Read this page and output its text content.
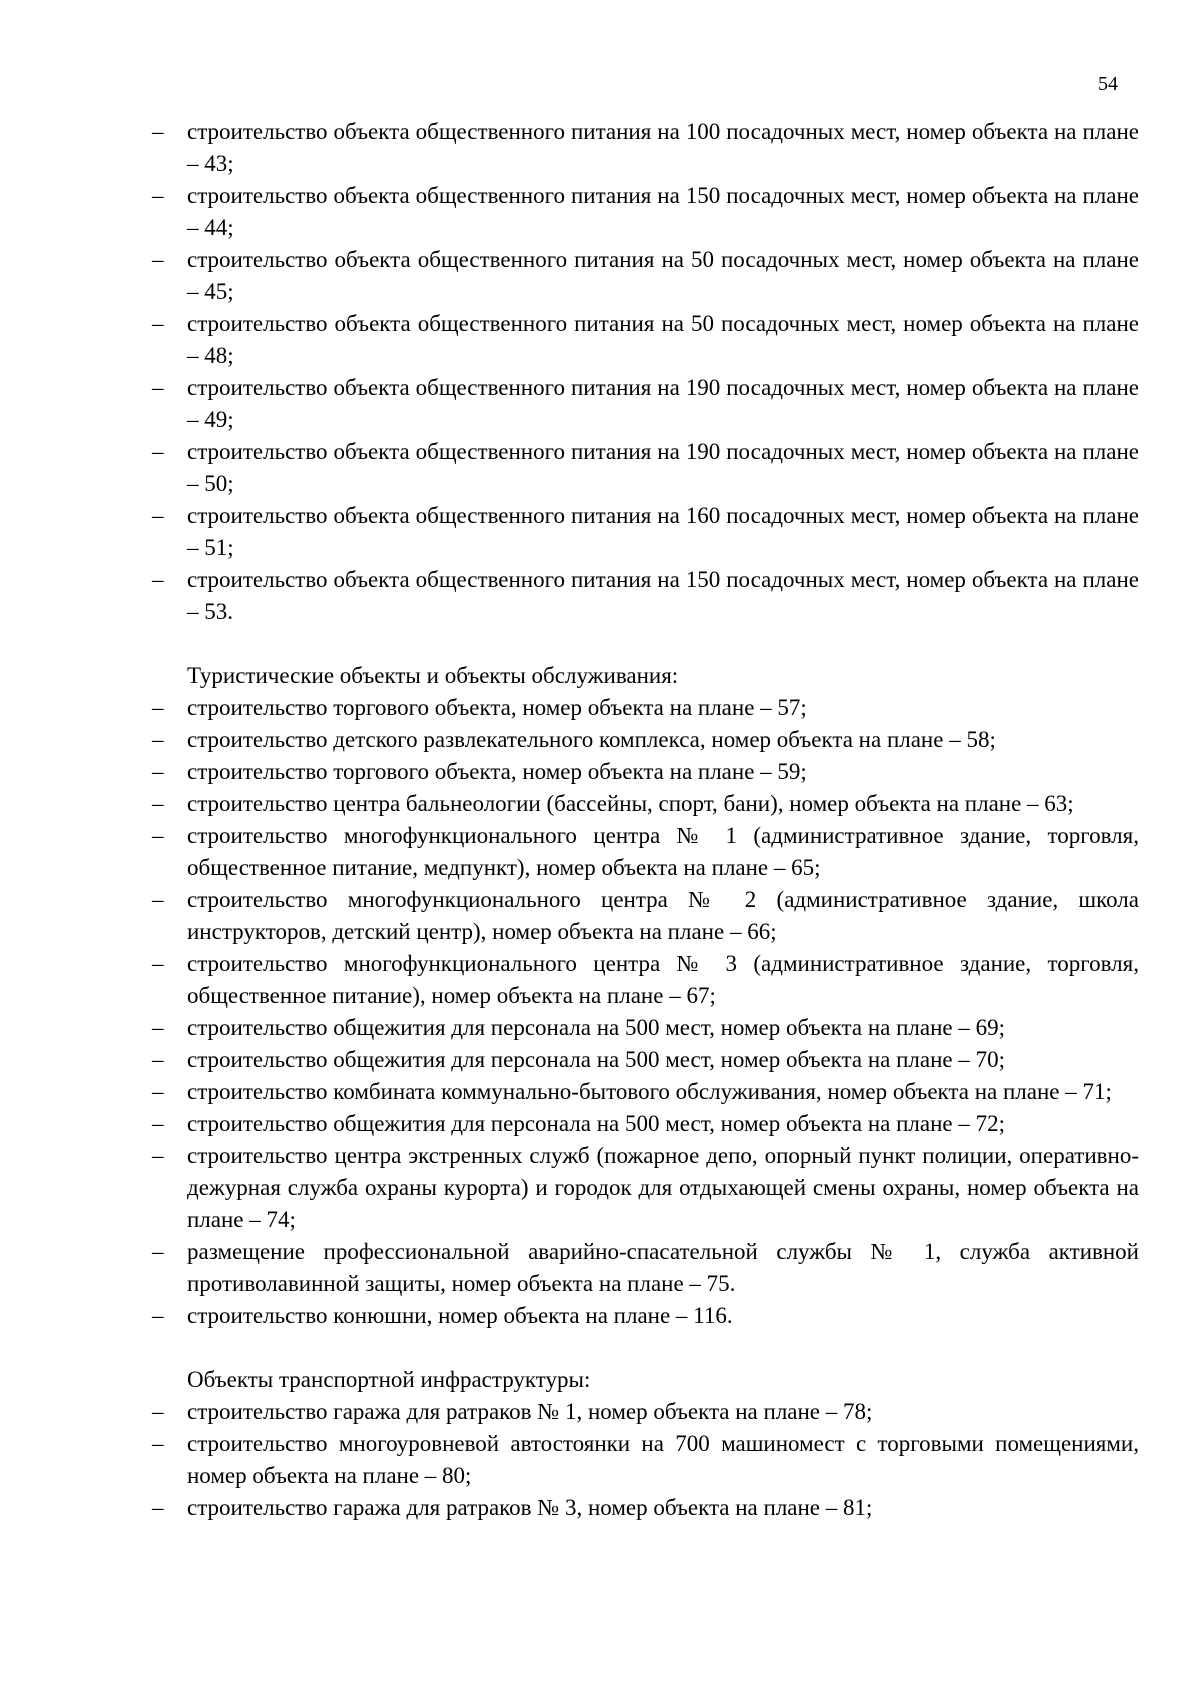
54
– строительство объекта общественного питания на 100 посадочных мест, номер объекта на плане – 43;
– строительство объекта общественного питания на 150 посадочных мест, номер объекта на плане – 44;
– строительство объекта общественного питания на 50 посадочных мест, номер объекта на плане – 45;
– строительство объекта общественного питания на 50 посадочных мест, номер объекта на плане – 48;
– строительство объекта общественного питания на 190 посадочных мест, номер объекта на плане – 49;
– строительство объекта общественного питания на 190 посадочных мест, номер объекта на плане – 50;
– строительство объекта общественного питания на 160 посадочных мест, номер объекта на плане – 51;
– строительство объекта общественного питания на 150 посадочных мест, номер объекта на плане – 53.
Туристические объекты и объекты обслуживания:
– строительство торгового объекта, номер объекта на плане – 57;
– строительство детского развлекательного комплекса, номер объекта на плане – 58;
– строительство торгового объекта, номер объекта на плане – 59;
– строительство центра бальнеологии (бассейны, спорт, бани), номер объекта на плане – 63;
– строительство многофункционального центра № 1 (административное здание, торговля, общественное питание, медпункт), номер объекта на плане – 65;
– строительство многофункционального центра № 2 (административное здание, школа инструкторов, детский центр), номер объекта на плане – 66;
– строительство многофункционального центра № 3 (административное здание, торговля, общественное питание), номер объекта на плане – 67;
– строительство общежития для персонала на 500 мест, номер объекта на плане – 69;
– строительство общежития для персонала на 500 мест, номер объекта на плане – 70;
– строительство комбината коммунально-бытового обслуживания, номер объекта на плане – 71;
– строительство общежития для персонала на 500 мест, номер объекта на плане – 72;
– строительство центра экстренных служб (пожарное депо, опорный пункт полиции, оперативно-дежурная служба охраны курорта) и городок для отдыхающей смены охраны, номер объекта на плане – 74;
– размещение профессиональной аварийно-спасательной службы № 1, служба активной противолавинной защиты, номер объекта на плане – 75.
– строительство конюшни, номер объекта на плане – 116.
Объекты транспортной инфраструктуры:
– строительство гаража для ратраков № 1, номер объекта на плане – 78;
– строительство многоуровневой автостоянки на 700 машиномест с торговыми помещениями, номер объекта на плане – 80;
– строительство гаража для ратраков № 3, номер объекта на плане – 81;
